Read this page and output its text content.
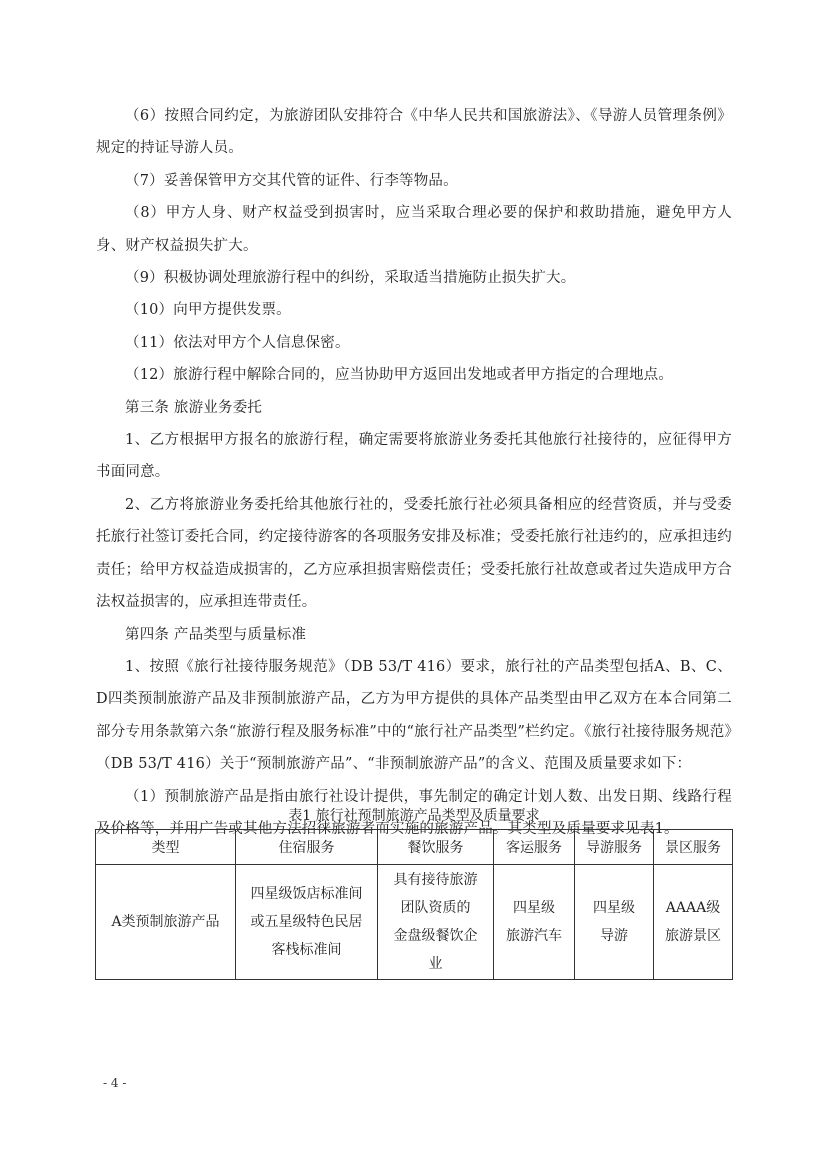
（6）按照合同约定，为旅游团队安排符合《中华人民共和国旅游法》、《导游人员管理条例》规定的持证导游人员。

（7）妥善保管甲方交其代管的证件、行李等物品。

（8）甲方人身、财产权益受到损害时，应当采取合理必要的保护和救助措施，避免甲方人身、财产权益损失扩大。

（9）积极协调处理旅游行程中的纠纷，采取适当措施防止损失扩大。

（10）向甲方提供发票。

（11）依法对甲方个人信息保密。

（12）旅游行程中解除合同的，应当协助甲方返回出发地或者甲方指定的合理地点。

第三条 旅游业务委托

1、乙方根据甲方报名的旅游行程，确定需要将旅游业务委托其他旅行社接待的，应征得甲方书面同意。

2、乙方将旅游业务委托给其他旅行社的，受委托旅行社必须具备相应的经营资质，并与受委托旅行社签订委托合同，约定接待游客的各项服务安排及标准；受委托旅行社违约的，应承担违约责任；给甲方权益造成损害的，乙方应承担损害赔偿责任；受委托旅行社故意或者过失造成甲方合法权益损害的，应承担连带责任。

第四条 产品类型与质量标准

1、按照《旅行社接待服务规范》（DB 53/T 416）要求，旅行社的产品类型包括A、B、C、D四类预制旅游产品及非预制旅游产品，乙方为甲方提供的具体产品类型由甲乙双方在本合同第二部分专用条款第六条“旅游行程及服务标准”中的“旅行社产品类型”栏约定。《旅行社接待服务规范》（DB 53/T 416）关于“预制旅游产品”、“非预制旅游产品”的含义、范围及质量要求如下：

（1）预制旅游产品是指由旅行社设计提供，事先制定的确定计划人数、出发日期、线路行程及价格等，并用广告或其他方法招徕旅游者而实施的旅游产品。其类型及质量要求见表1。

表1 旅行社预制旅游产品类型及质量要求
类型	住宿服务	餐饮服务	客运服务	导游服务	景区服务
A类预制旅游产品	四星级饭店标准间
或五星级特色民居
客栈标准间	具有接待旅游
团队资质的
金盘级餐饮企
业	四星级
旅游汽车	四星级
导游	AAAA级
旅游景区
- 4 -
